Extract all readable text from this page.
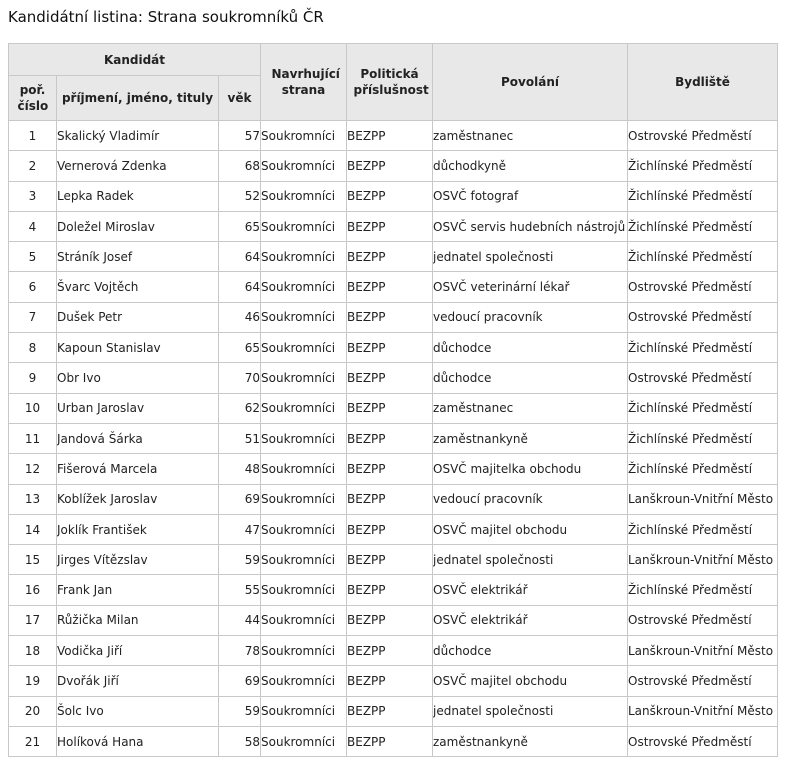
Kandidátní listina: Strana soukromníků ČR
Kandidát			Navrhující strana	Politická příslušnost	Povolání	Bydliště
poř. číslo	příjmení, jméno, tituly	věk				
1	Skalický Vladimír	57	Soukromníci	BEZPP	zaměstnanec	Ostrovské Předměstí
2	Vernerová Zdenka	68	Soukromníci	BEZPP	důchodkyně	Žichlínské Předměstí
3	Lepka Radek	52	Soukromníci	BEZPP	OSVČ fotograf	Žichlínské Předměstí
4	Doležel Miroslav	65	Soukromníci	BEZPP	OSVČ servis hudebních nástrojů	Žichlínské Předměstí
5	Stráník Josef	64	Soukromníci	BEZPP	jednatel společnosti	Žichlínské Předměstí
6	Švarc Vojtěch	64	Soukromníci	BEZPP	OSVČ veterinární lékař	Ostrovské Předměstí
7	Dušek Petr	46	Soukromníci	BEZPP	vedoucí pracovník	Ostrovské Předměstí
8	Kapoun Stanislav	65	Soukromníci	BEZPP	důchodce	Žichlínské Předměstí
9	Obr Ivo	70	Soukromníci	BEZPP	důchodce	Ostrovské Předměstí
10	Urban Jaroslav	62	Soukromníci	BEZPP	zaměstnanec	Žichlínské Předměstí
11	Jandová Šárka	51	Soukromníci	BEZPP	zaměstnankyně	Žichlínské Předměstí
12	Fišerová Marcela	48	Soukromníci	BEZPP	OSVČ majitelka obchodu	Žichlínské Předměstí
13	Koblížek Jaroslav	69	Soukromníci	BEZPP	vedoucí pracovník	Lanškroun-Vnitřní Město
14	Joklík František	47	Soukromníci	BEZPP	OSVČ majitel obchodu	Žichlínské Předměstí
15	Jirges Vítězslav	59	Soukromníci	BEZPP	jednatel společnosti	Lanškroun-Vnitřní Město
16	Frank Jan	55	Soukromníci	BEZPP	OSVČ elektrikář	Žichlínské Předměstí
17	Růžička Milan	44	Soukromníci	BEZPP	OSVČ elektrikář	Ostrovské Předměstí
18	Vodička Jiří	78	Soukromníci	BEZPP	důchodce	Lanškroun-Vnitřní Město
19	Dvořák Jiří	69	Soukromníci	BEZPP	OSVČ majitel obchodu	Ostrovské Předměstí
20	Šolc Ivo	59	Soukromníci	BEZPP	jednatel společnosti	Lanškroun-Vnitřní Město
21	Holíková Hana	58	Soukromníci	BEZPP	zaměstnankyně	Ostrovské Předměstí
